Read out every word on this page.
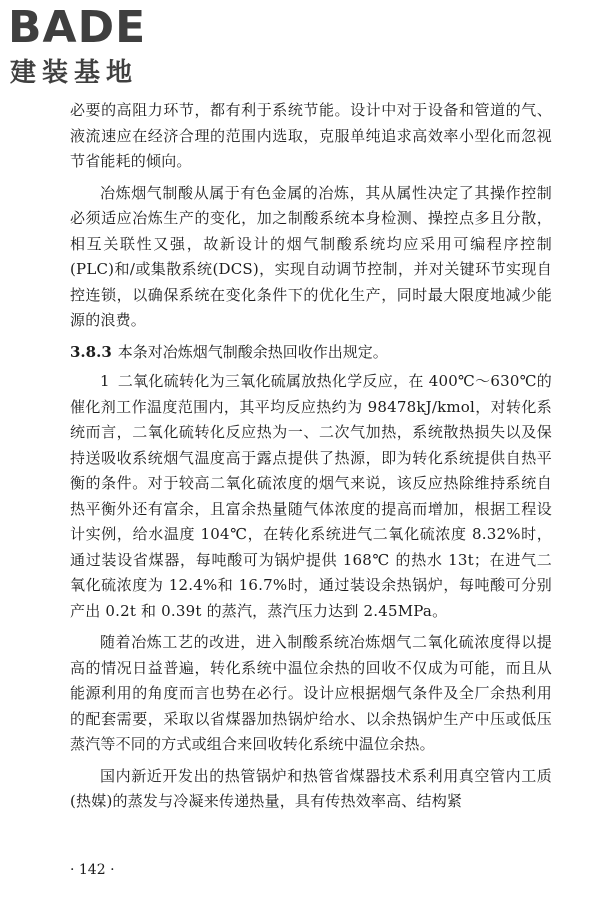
BADE
建装基地

必要的高阻力环节，都有利于系统节能。设计中对于设备和管道的气、液流速应在经济合理的范围内选取，克服单纯追求高效率小型化而忽视节省能耗的倾向。

冶炼烟气制酸从属于有色金属的冶炼，其从属性决定了其操作控制必须适应冶炼生产的变化，加之制酸系统本身检测、操控点多且分散，相互关联性又强，故新设计的烟气制酸系统均应采用可编程序控制(PLC)和/或集散系统(DCS)，实现自动调节控制，并对关键环节实现自控连锁，以确保系统在变化条件下的优化生产，同时最大限度地减少能源的浪费。

3.8.3 本条对冶炼烟气制酸余热回收作出规定。

1 二氧化硫转化为三氧化硫属放热化学反应，在 400℃～630℃的催化剂工作温度范围内，其平均反应热约为 98478kJ/kmol，对转化系统而言，二氧化硫转化反应热为一、二次气加热，系统散热损失以及保持送吸收系统烟气温度高于露点提供了热源，即为转化系统提供自热平衡的条件。对于较高二氧化硫浓度的烟气来说，该反应热除维持系统自热平衡外还有富余，且富余热量随气体浓度的提高而增加，根据工程设计实例，给水温度 104℃，在转化系统进气二氧化硫浓度 8.32%时，通过装设省煤器，每吨酸可为锅炉提供 168℃ 的热水 13t；在进气二氧化硫浓度为 12.4%和 16.7%时，通过装设余热锅炉，每吨酸可分别产出 0.2t 和 0.39t 的蒸汽，蒸汽压力达到 2.45MPa。

随着冶炼工艺的改进，进入制酸系统冶炼烟气二氧化硫浓度得以提高的情况日益普遍，转化系统中温位余热的回收不仅成为可能，而且从能源利用的角度而言也势在必行。设计应根据烟气条件及全厂余热利用的配套需要，采取以省煤器加热锅炉给水、以余热锅炉生产中压或低压蒸汽等不同的方式或组合来回收转化系统中温位余热。

国内新近开发出的热管锅炉和热管省煤器技术系利用真空管内工质(热媒)的蒸发与冷凝来传递热量，具有传热效率高、结构紧

· 142 ·
